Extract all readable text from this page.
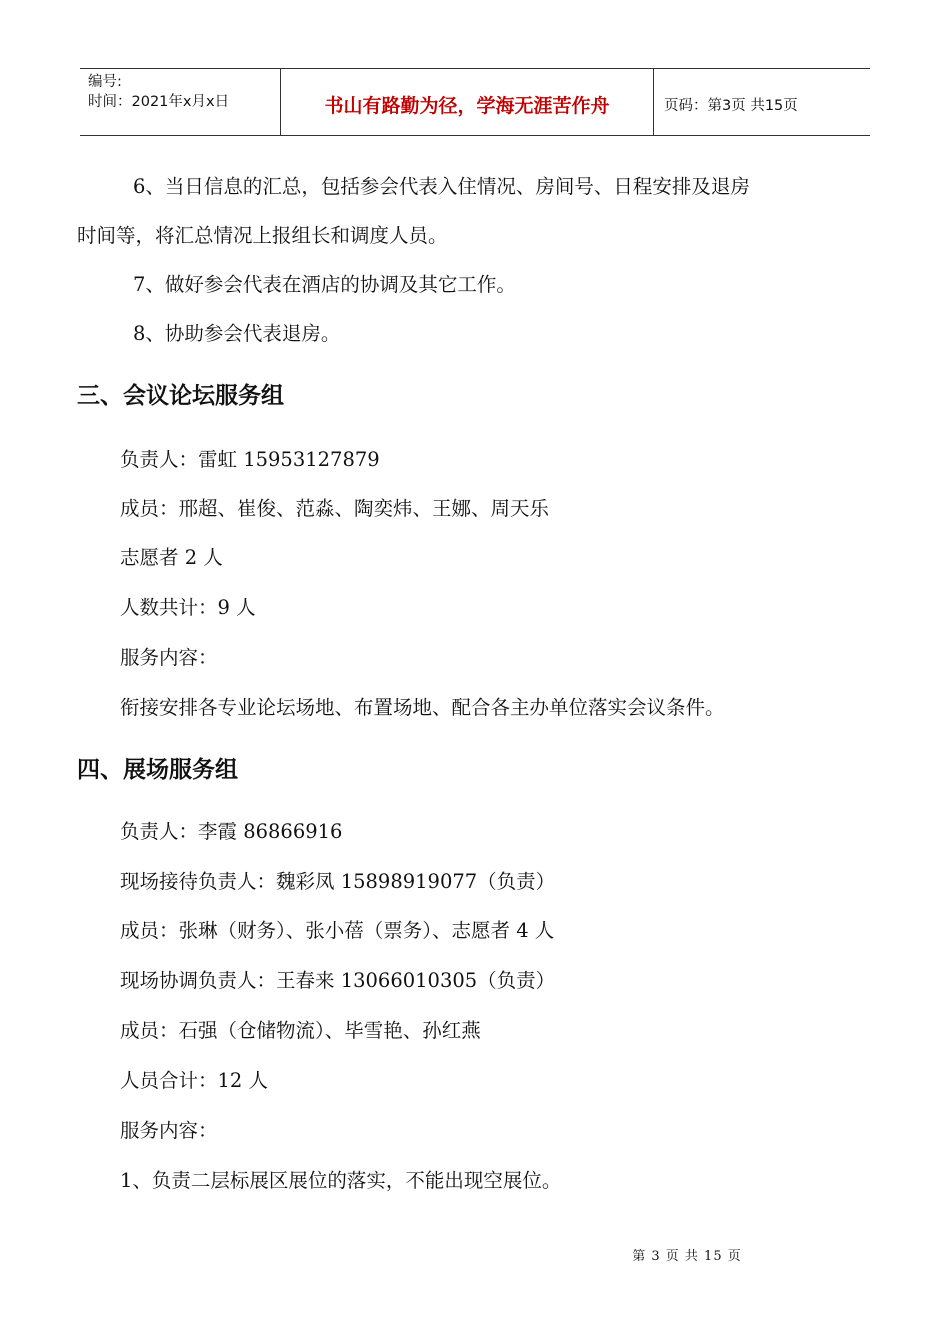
编号:
时间：2021年x月x日	书山有路勤为径，学海无涯苦作舟	页码：第3页 共15页
6、当日信息的汇总，包括参会代表入住情况、房间号、日程安排及退房
时间等，将汇总情况上报组长和调度人员。
7、做好参会代表在酒店的协调及其它工作。
8、协助参会代表退房。
三、会议论坛服务组
负责人：雷虹 15953127879
成员：邢超、崔俊、范淼、陶奕炜、王娜、周天乐
志愿者 2 人
人数共计：9 人
服务内容：
衔接安排各专业论坛场地、布置场地、配合各主办单位落实会议条件。
四、展场服务组
负责人：李霞 86866916
现场接待负责人：魏彩凤 15898919077（负责）
成员：张琳（财务）、张小蓓（票务）、志愿者 4 人
现场协调负责人：王春来 13066010305（负责）
成员：石强（仓储物流）、毕雪艳、孙红燕
人员合计：12 人
服务内容：
1、负责二层标展区展位的落实，不能出现空展位。
第 3 页 共 15 页
